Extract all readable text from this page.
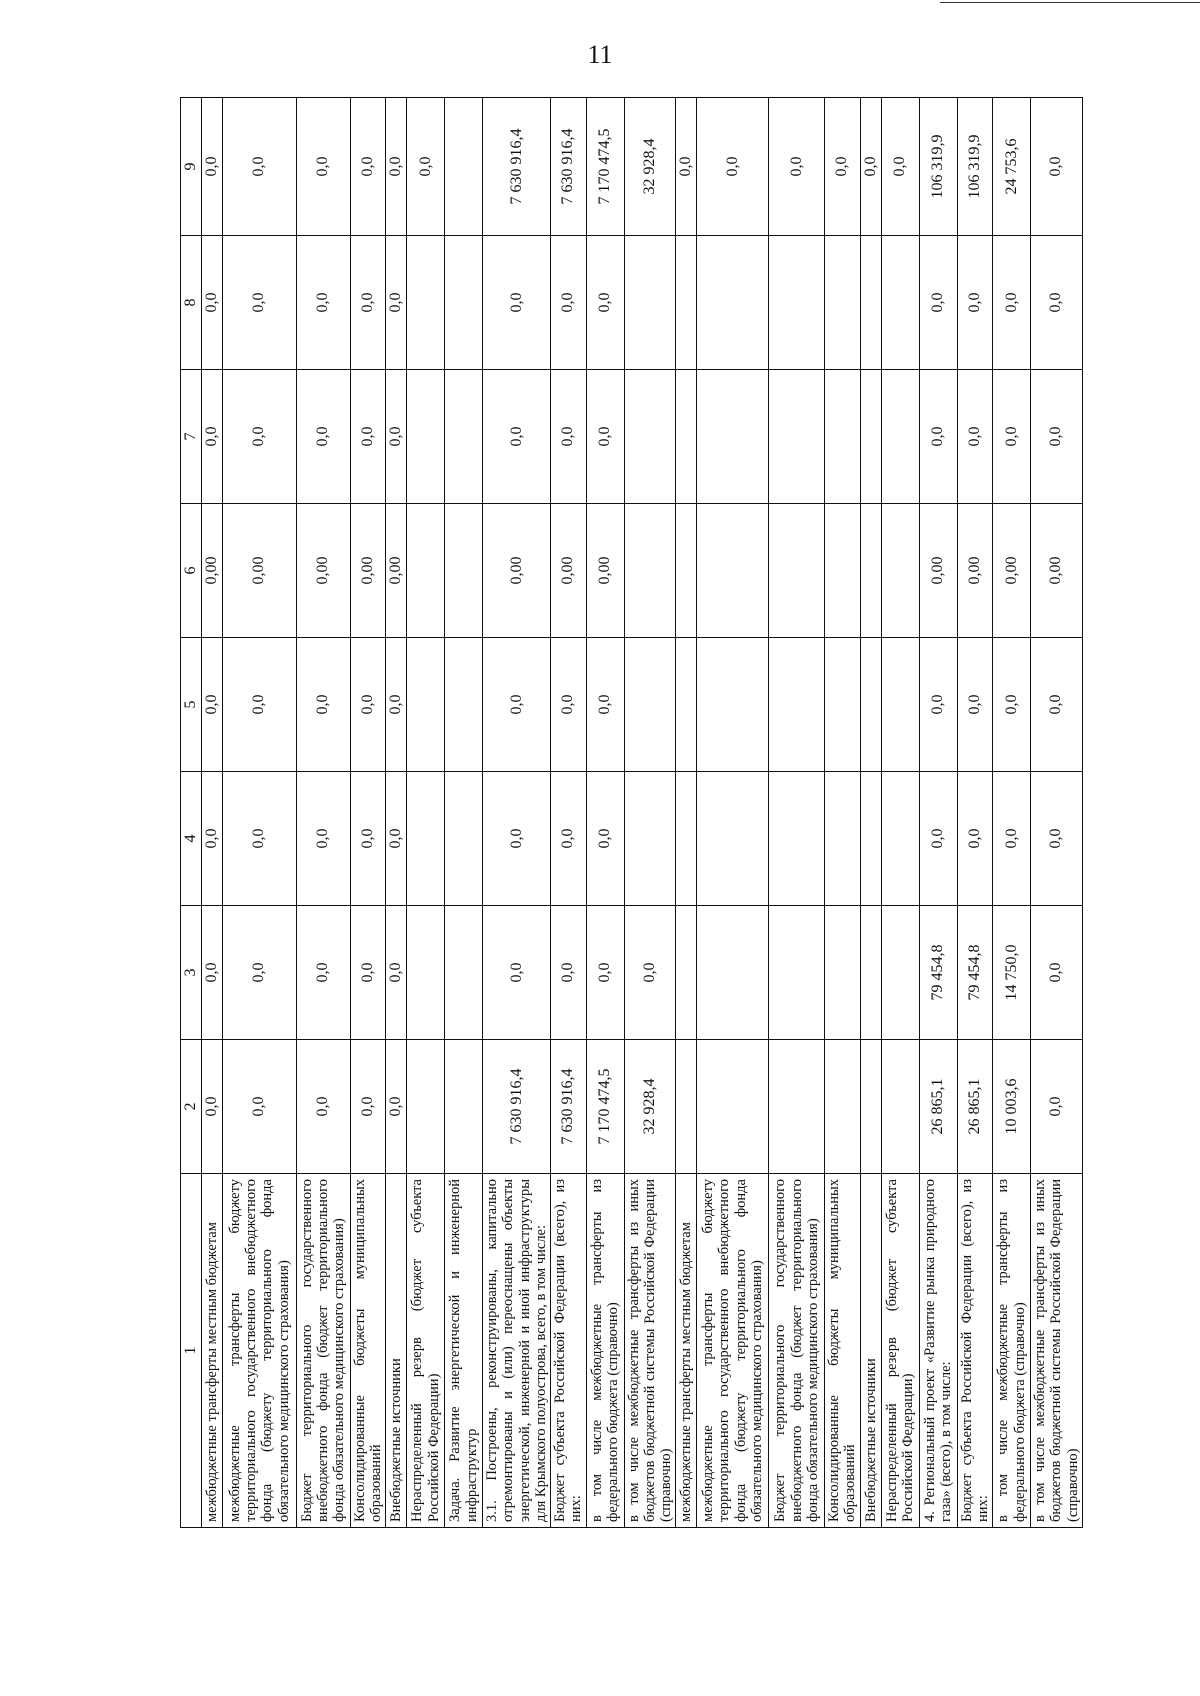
11
1	2	3	4	5	6	7	8	9
межбюджетные трансферты местным бюджетам	0,0	0,0	0,0	0,0	0,00	0,0	0,0	0,0
межбюджетные трансферты бюджету территориального государственного внебюджетного фонда (бюджету территориального фонда обязательного медицинского страхования)	0,0	0,0	0,0	0,0	0,00	0,0	0,0	0,0
Бюджет территориального государственного внебюджетного фонда (бюджет территориального фонда обязательного медицинского страхования)	0,0	0,0	0,0	0,0	0,00	0,0	0,0	0,0
Консолидированные бюджеты муниципальных образований	0,0	0,0	0,0	0,0	0,00	0,0	0,0	0,0
Внебюджетные источники	0,0	0,0	0,0	0,0	0,00	0,0	0,0	0,0
Нераспределенный резерв (бюджет субъекта Российской Федерации)								0,0
Задача. Развитие энергетической и инженерной инфраструктур								
3.1. Построены, реконструированы, капитально отремонтированы и (или) переоснащены объекты энергетической, инженерной и иной инфраструктуры для Крымского полуострова, всего, в том числе:	7 630 916,4	0,0	0,0	0,0	0,00	0,0	0,0	7 630 916,4
Бюджет субъекта Российской Федерации (всего), из них:	7 630 916,4	0,0	0,0	0,0	0,00	0,0	0,0	7 630 916,4
в том числе межбюджетные трансферты из федерального бюджета (справочно)	7 170 474,5	0,0	0,0	0,0	0,00	0,0	0,0	7 170 474,5
в том числе межбюджетные трансферты из иных бюджетов бюджетной системы Российской Федерации (справочно)	32 928,4	0,0						32 928,4
межбюджетные трансферты местным бюджетам								0,0
межбюджетные трансферты бюджету территориального государственного внебюджетного фонда (бюджету территориального фонда обязательного медицинского страхования)								0,0
Бюджет территориального государственного внебюджетного фонда (бюджет территориального фонда обязательного медицинского страхования)								0,0
Консолидированные бюджеты муниципальных образований								0,0
Внебюджетные источники								0,0
Нераспределенный резерв (бюджет субъекта Российской Федерации)								0,0
4. Региональный проект «Развитие рынка природного газа» (всего), в том числе:	26 865,1	79 454,8	0,0	0,0	0,00	0,0	0,0	106 319,9
Бюджет субъекта Российской Федерации (всего), из них:	26 865,1	79 454,8	0,0	0,0	0,00	0,0	0,0	106 319,9
в том числе межбюджетные трансферты из федерального бюджета (справочно)	10 003,6	14 750,0	0,0	0,0	0,00	0,0	0,0	24 753,6
в том числе межбюджетные трансферты из иных бюджетов бюджетной системы Российской Федерации (справочно)	0,0	0,0	0,0	0,0	0,00	0,0	0,0	0,0
